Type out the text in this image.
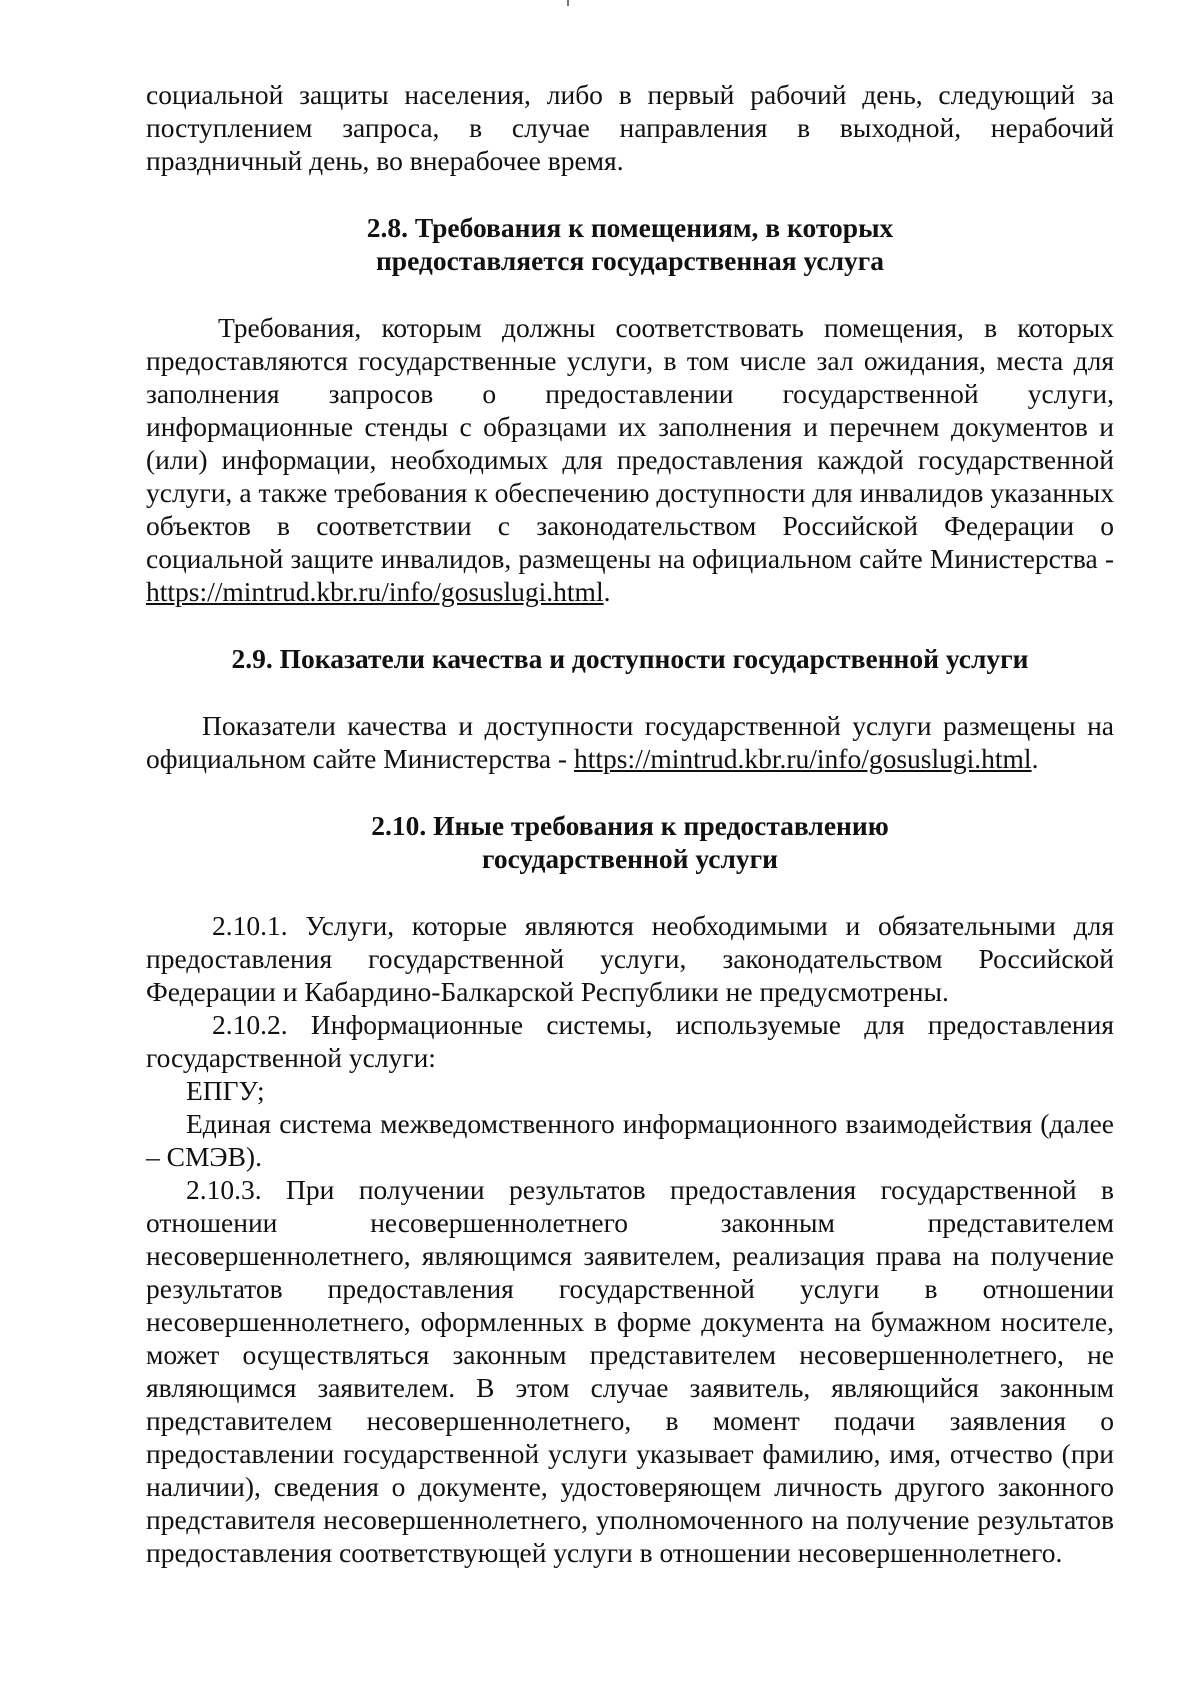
социальной защиты населения, либо в первый рабочий день, следующий за поступлением запроса, в случае направления в выходной, нерабочий праздничный день, во внерабочее время.

2.8. Требования к помещениям, в которых
предоставляется государственная услуга

Требования, которым должны соответствовать помещения, в которых предоставляются государственные услуги, в том числе зал ожидания, места для заполнения запросов о предоставлении государственной услуги, информационные стенды с образцами их заполнения и перечнем документов и (или) информации, необходимых для предоставления каждой государственной услуги, а также требования к обеспечению доступности для инвалидов указанных объектов в соответствии с законодательством Российской Федерации о социальной защите инвалидов, размещены на официальном сайте Министерства - https://mintrud.kbr.ru/info/gosuslugi.html.

2.9. Показатели качества и доступности государственной услуги

Показатели качества и доступности государственной услуги размещены на официальном сайте Министерства - https://mintrud.kbr.ru/info/gosuslugi.html.

2.10. Иные требования к предоставлению
государственной услуги

2.10.1. Услуги, которые являются необходимыми и обязательными для предоставления государственной услуги, законодательством Российской Федерации и Кабардино-Балкарской Республики не предусмотрены.

2.10.2. Информационные системы, используемые для предоставления государственной услуги:

ЕПГУ;

Единая система межведомственного информационного взаимодействия (далее – СМЭВ).

2.10.3. При получении результатов предоставления государственной в отношении несовершеннолетнего законным представителем несовершеннолетнего, являющимся заявителем, реализация права на получение результатов предоставления государственной услуги в отношении несовершеннолетнего, оформленных в форме документа на бумажном носителе, может осуществляться законным представителем несовершеннолетнего, не являющимся заявителем. В этом случае заявитель, являющийся законным представителем несовершеннолетнего, в момент подачи заявления о предоставлении государственной услуги указывает фамилию, имя, отчество (при наличии), сведения о документе, удостоверяющем личность другого законного представителя несовершеннолетнего, уполномоченного на получение результатов предоставления соответствующей услуги в отношении несовершеннолетнего.
